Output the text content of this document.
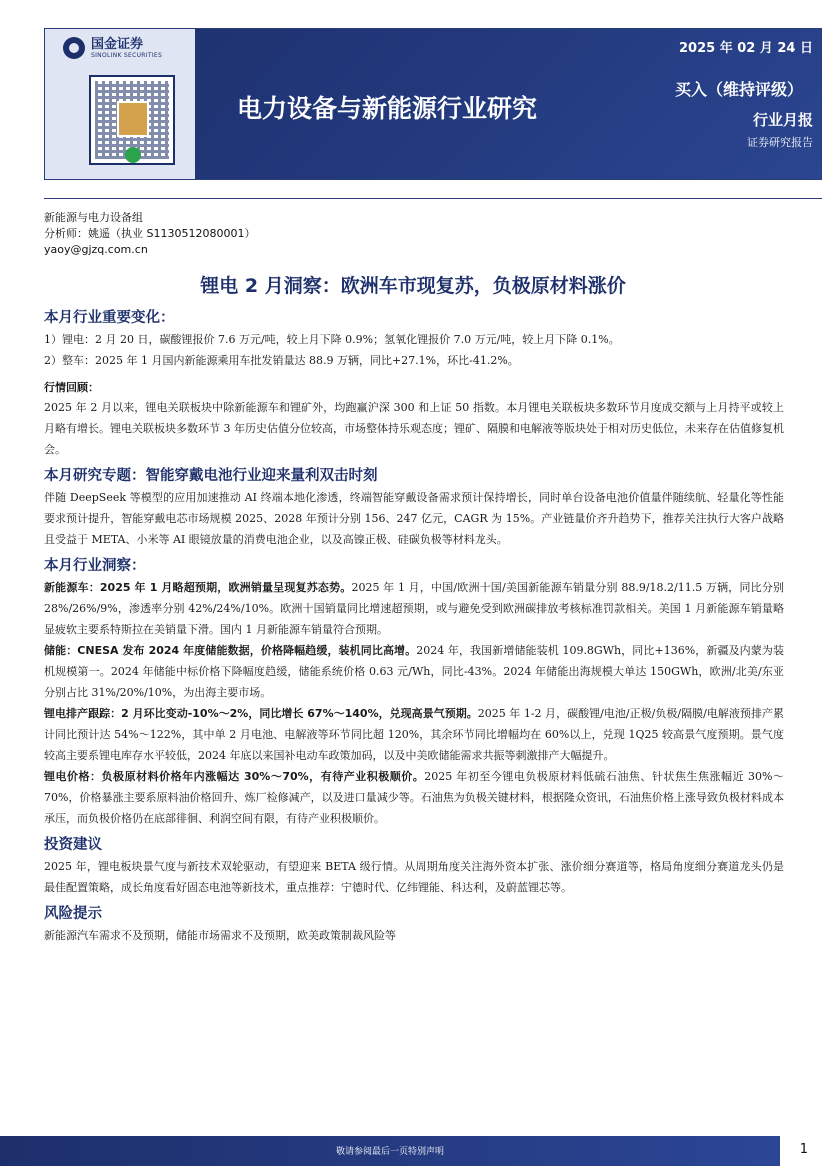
国金证券
SINOLINK SECURITIES	2025 年 02 月 24 日
电力设备与新能源行业研究
买入（维持评级）
行业月报
证券研究报告
新能源与电力设备组
分析师：姚遥（执业 S1130512080001）
yaoy@gjzq.com.cn
锂电 2 月洞察：欧洲车市现复苏，负极原材料涨价
本月行业重要变化：
1）锂电：2 月 20 日，碳酸锂报价 7.6 万元/吨，较上月下降 0.9%；氢氧化锂报价 7.0 万元/吨，较上月下降 0.1%。
2）整车：2025 年 1 月国内新能源乘用车批发销量达 88.9 万辆，同比+27.1%，环比-41.2%。
行情回顾：
2025 年 2 月以来，锂电关联板块中除新能源车和锂矿外，均跑赢沪深 300 和上证 50 指数。本月锂电关联板块多数环节月度成交额与上月持平或较上月略有增长。锂电关联板块多数环节 3 年历史估值分位较高，市场整体持乐观态度；锂矿、隔膜和电解液等版块处于相对历史低位，未来存在估值修复机会。
本月研究专题：智能穿戴电池行业迎来量利双击时刻
伴随 DeepSeek 等模型的应用加速推动 AI 终端本地化渗透，终端智能穿戴设备需求预计保持增长，同时单台设备电池价值量伴随续航、轻量化等性能要求预计提升，智能穿戴电芯市场规模 2025、2028 年预计分别 156、247 亿元，CAGR 为 15%。产业链量价齐升趋势下，推荐关注执行大客户战略且受益于 META、小米等 AI 眼镜放量的消费电池企业，以及高镍正极、硅碳负极等材料龙头。
本月行业洞察：
新能源车：2025 年 1 月略超预期，欧洲销量呈现复苏态势。2025 年 1 月，中国/欧洲十国/美国新能源车销量分别 88.9/18.2/11.5 万辆，同比分别 28%/26%/9%，渗透率分别 42%/24%/10%。欧洲十国销量同比增速超预期，或与避免受到欧洲碳排放考核标准罚款相关。美国 1 月新能源车销量略显疲软主要系特斯拉在美销量下滑。国内 1 月新能源车销量符合预期。
储能：CNESA 发布 2024 年度储能数据，价格降幅趋缓，装机同比高增。2024 年，我国新增储能装机 109.8GWh，同比+136%，新疆及内蒙为装机规模第一。2024 年储能中标价格下降幅度趋缓，储能系统价格 0.63 元/Wh，同比-43%。2024 年储能出海规模大单达 150GWh，欧洲/北美/东亚分别占比 31%/20%/10%，为出海主要市场。
锂电排产跟踪：2 月环比变动-10%～2%，同比增长 67%～140%，兑现高景气预期。2025 年 1-2 月，碳酸锂/电池/正极/负极/隔膜/电解液预排产累计同比预计达 54%～122%，其中单 2 月电池、电解液等环节同比超 120%，其余环节同比增幅均在 60%以上，兑现 1Q25 较高景气度预期。景气度较高主要系锂电库存水平较低，2024 年底以来国补电动车政策加码，以及中美欧储能需求共振等刺激排产大幅提升。
锂电价格：负极原材料价格年内涨幅达 30%～70%，有待产业积极顺价。2025 年初至今锂电负极原材料低硫石油焦、针状焦生焦涨幅近 30%～70%，价格暴涨主要系原料油价格回升、炼厂检修减产，以及进口量减少等。石油焦为负极关键材料，根据隆众资讯，石油焦价格上涨导致负极材料成本承压，而负极价格仍在底部徘徊、利润空间有限，有待产业积极顺价。
投资建议
2025 年，锂电板块景气度与新技术双轮驱动，有望迎来 BETA 级行情。从周期角度关注海外资本扩张、涨价细分赛道等，格局角度细分赛道龙头仍是最佳配置策略，成长角度看好固态电池等新技术，重点推荐：宁德时代、亿纬锂能、科达利，及蔚蓝锂芯等。
风险提示
新能源汽车需求不及预期，储能市场需求不及预期，欧美政策制裁风险等
敬请参阅最后一页特别声明	1
